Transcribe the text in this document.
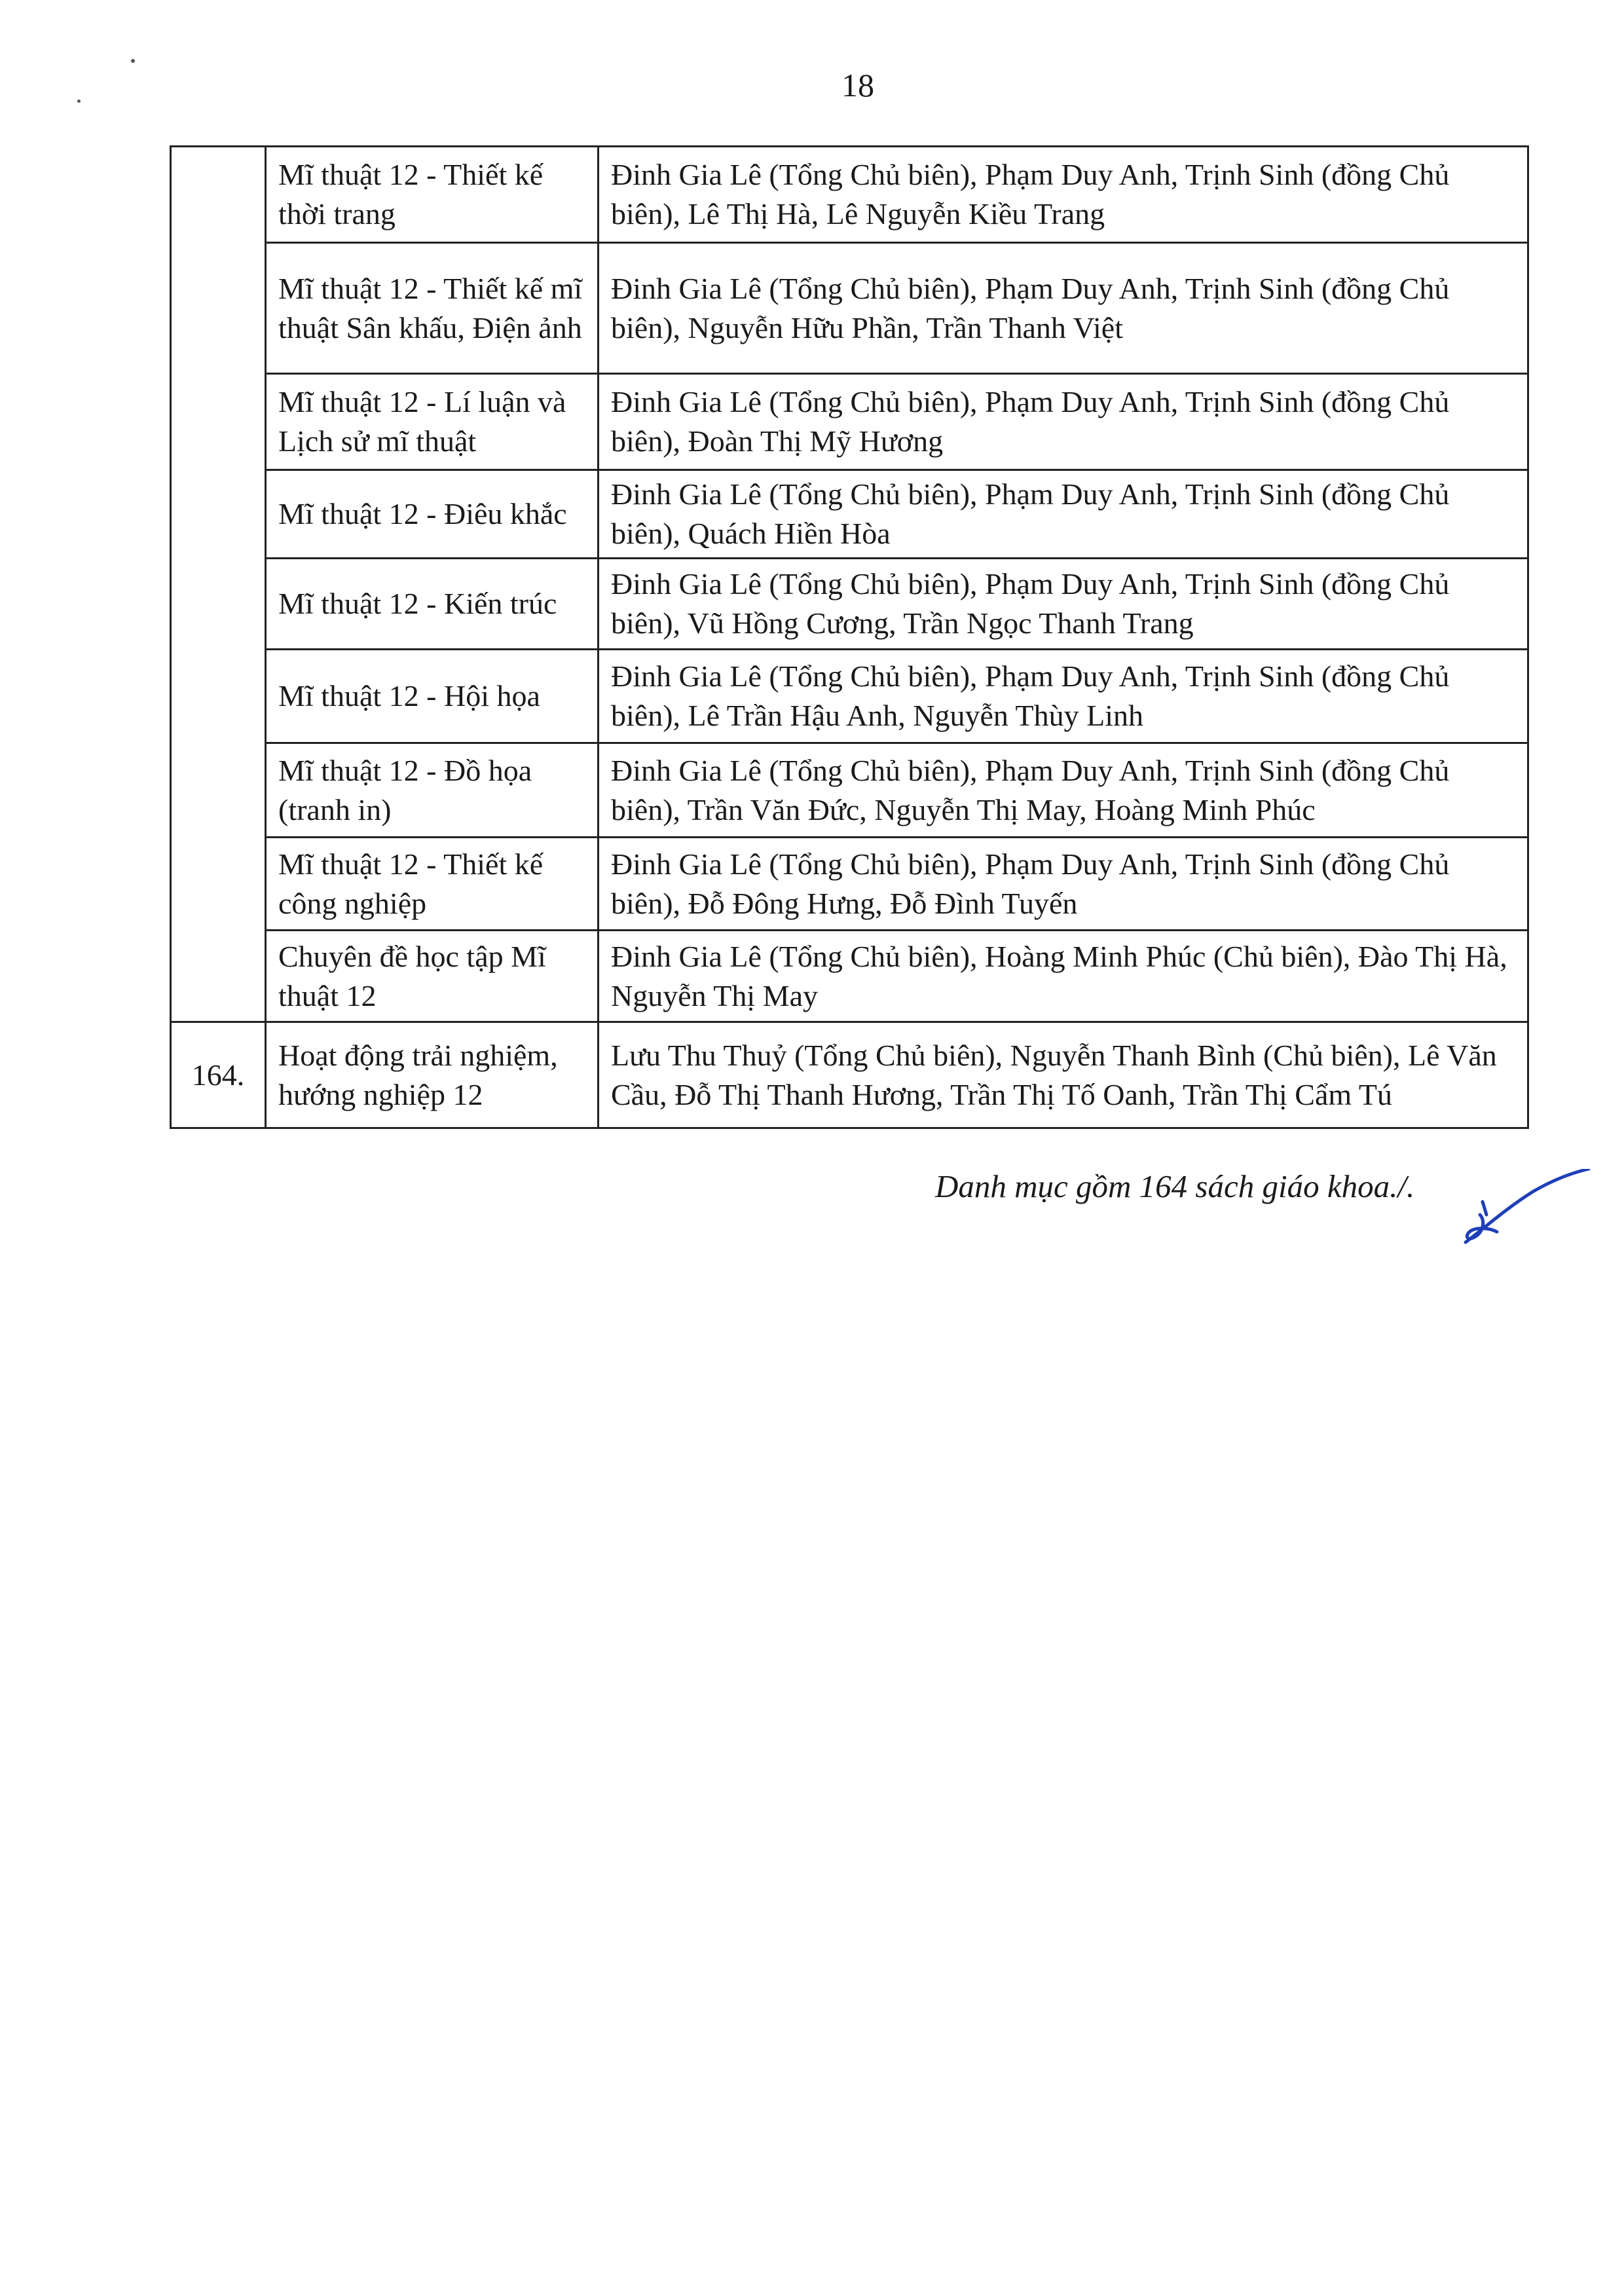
18
	Mĩ thuật 12 - Thiết kế thời trang	Đinh Gia Lê (Tổng Chủ biên), Phạm Duy Anh, Trịnh Sinh (đồng Chủ biên), Lê Thị Hà, Lê Nguyễn Kiều Trang
	Mĩ thuật 12 - Thiết kế mĩ thuật Sân khấu, Điện ảnh	Đinh Gia Lê (Tổng Chủ biên), Phạm Duy Anh, Trịnh Sinh (đồng Chủ biên), Nguyễn Hữu Phần, Trần Thanh Việt
	Mĩ thuật 12 - Lí luận và Lịch sử mĩ thuật	Đinh Gia Lê (Tổng Chủ biên), Phạm Duy Anh, Trịnh Sinh (đồng Chủ biên), Đoàn Thị Mỹ Hương
	Mĩ thuật 12 - Điêu khắc	Đinh Gia Lê (Tổng Chủ biên), Phạm Duy Anh, Trịnh Sinh (đồng Chủ biên), Quách Hiền Hòa
	Mĩ thuật 12 - Kiến trúc	Đinh Gia Lê (Tổng Chủ biên), Phạm Duy Anh, Trịnh Sinh (đồng Chủ biên), Vũ Hồng Cương, Trần Ngọc Thanh Trang
	Mĩ thuật 12 - Hội họa	Đinh Gia Lê (Tổng Chủ biên), Phạm Duy Anh, Trịnh Sinh (đồng Chủ biên), Lê Trần Hậu Anh, Nguyễn Thùy Linh
	Mĩ thuật 12 - Đồ họa (tranh in)	Đinh Gia Lê (Tổng Chủ biên), Phạm Duy Anh, Trịnh Sinh (đồng Chủ biên), Trần Văn Đức, Nguyễn Thị May, Hoàng Minh Phúc
	Mĩ thuật 12 - Thiết kế công nghiệp	Đinh Gia Lê (Tổng Chủ biên), Phạm Duy Anh, Trịnh Sinh (đồng Chủ biên), Đỗ Đông Hưng, Đỗ Đình Tuyến
	Chuyên đề học tập Mĩ thuật 12	Đinh Gia Lê (Tổng Chủ biên), Hoàng Minh Phúc (Chủ biên), Đào Thị Hà, Nguyễn Thị May
164.	Hoạt động trải nghiệm, hướng nghiệp 12	Lưu Thu Thuỷ (Tổng Chủ biên), Nguyễn Thanh Bình (Chủ biên), Lê Văn Cầu, Đỗ Thị Thanh Hương, Trần Thị Tố Oanh, Trần Thị Cẩm Tú
Danh mục gồm 164 sách giáo khoa./.
